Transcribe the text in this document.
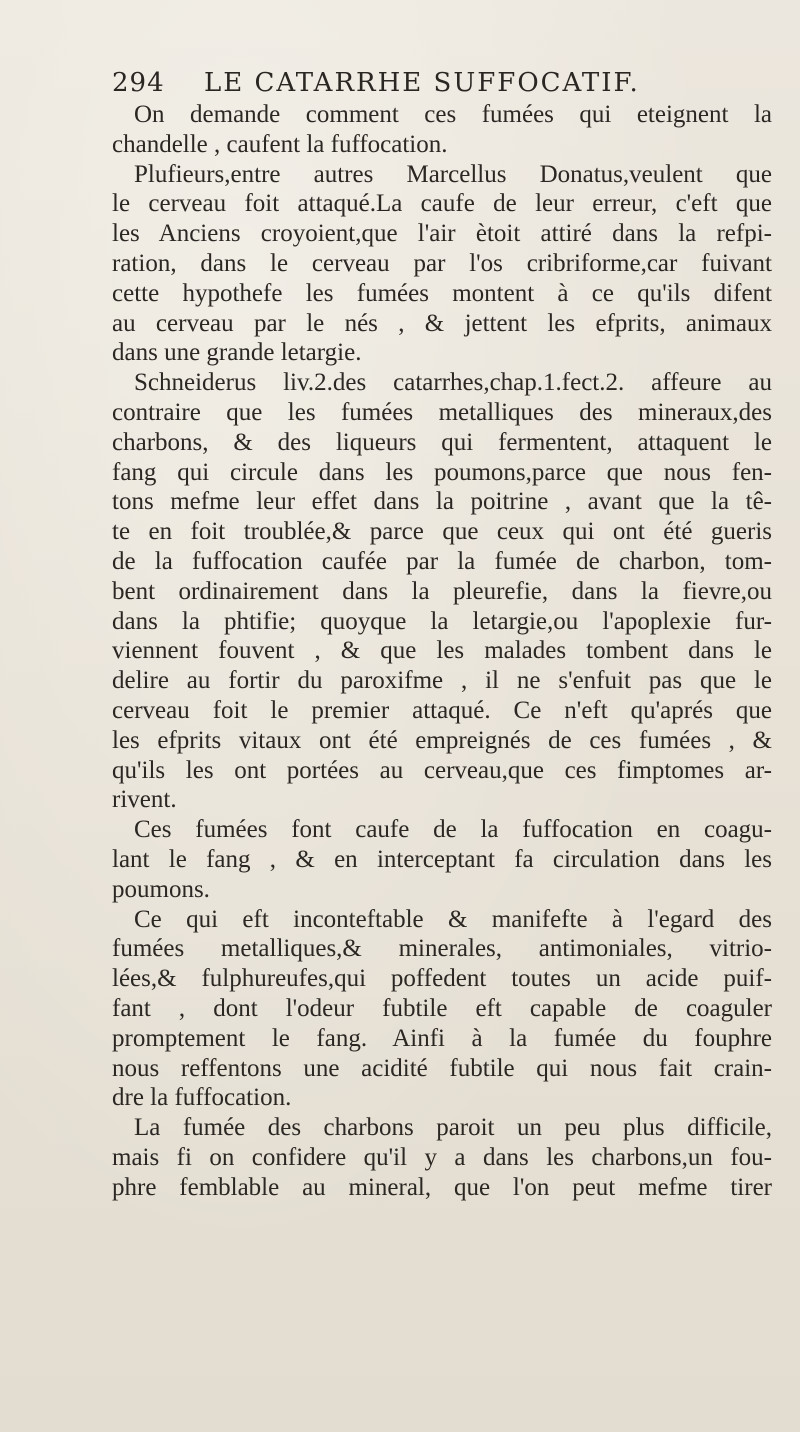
294 LE CATARRHE SUFFOCATIF.
On demande comment ces fumées qui eteignent la
chandelle , caufent la fuffocation.
Plufieurs,entre autres Marcellus Donatus,veulent que
le cerveau foit attaqué.La caufe de leur erreur, c'eft que
les Anciens croyoient,que l'air ètoit attiré dans la refpi-
ration, dans le cerveau par l'os cribriforme,car fuivant
cette hypothefe les fumées montent à ce qu'ils difent
au cerveau par le nés , & jettent les efprits, animaux
dans une grande letargie.
Schneiderus liv.2.des catarrhes,chap.1.fect.2. affeure au
contraire que les fumées metalliques des mineraux,des
charbons, & des liqueurs qui fermentent, attaquent le
fang qui circule dans les poumons,parce que nous fen-
tons mefme leur effet dans la poitrine , avant que la tê-
te en foit troublée,& parce que ceux qui ont été gueris
de la fuffocation caufée par la fumée de charbon, tom-
bent ordinairement dans la pleurefie, dans la fievre,ou
dans la phtifie; quoyque la letargie,ou l'apoplexie fur-
viennent fouvent , & que les malades tombent dans le
delire au fortir du paroxifme , il ne s'enfuit pas que le
cerveau foit le premier attaqué. Ce n'eft qu'aprés que
les efprits vitaux ont été empreignés de ces fumées , &
qu'ils les ont portées au cerveau,que ces fimptomes ar-
rivent.
Ces fumées font caufe de la fuffocation en coagu-
lant le fang , & en interceptant fa circulation dans les
poumons.
Ce qui eft inconteftable & manifefte à l'egard des
fumées metalliques,& minerales, antimoniales, vitrio-
lées,& fulphureufes,qui poffedent toutes un acide puif-
fant , dont l'odeur fubtile eft capable de coaguler
promptement le fang. Ainfi à la fumée du fouphre
nous reffentons une acidité fubtile qui nous fait crain-
dre la fuffocation.
La fumée des charbons paroit un peu plus difficile,
mais fi on confidere qu'il y a dans les charbons,un fou-
phre femblable au mineral, que l'on peut mefme tirer
